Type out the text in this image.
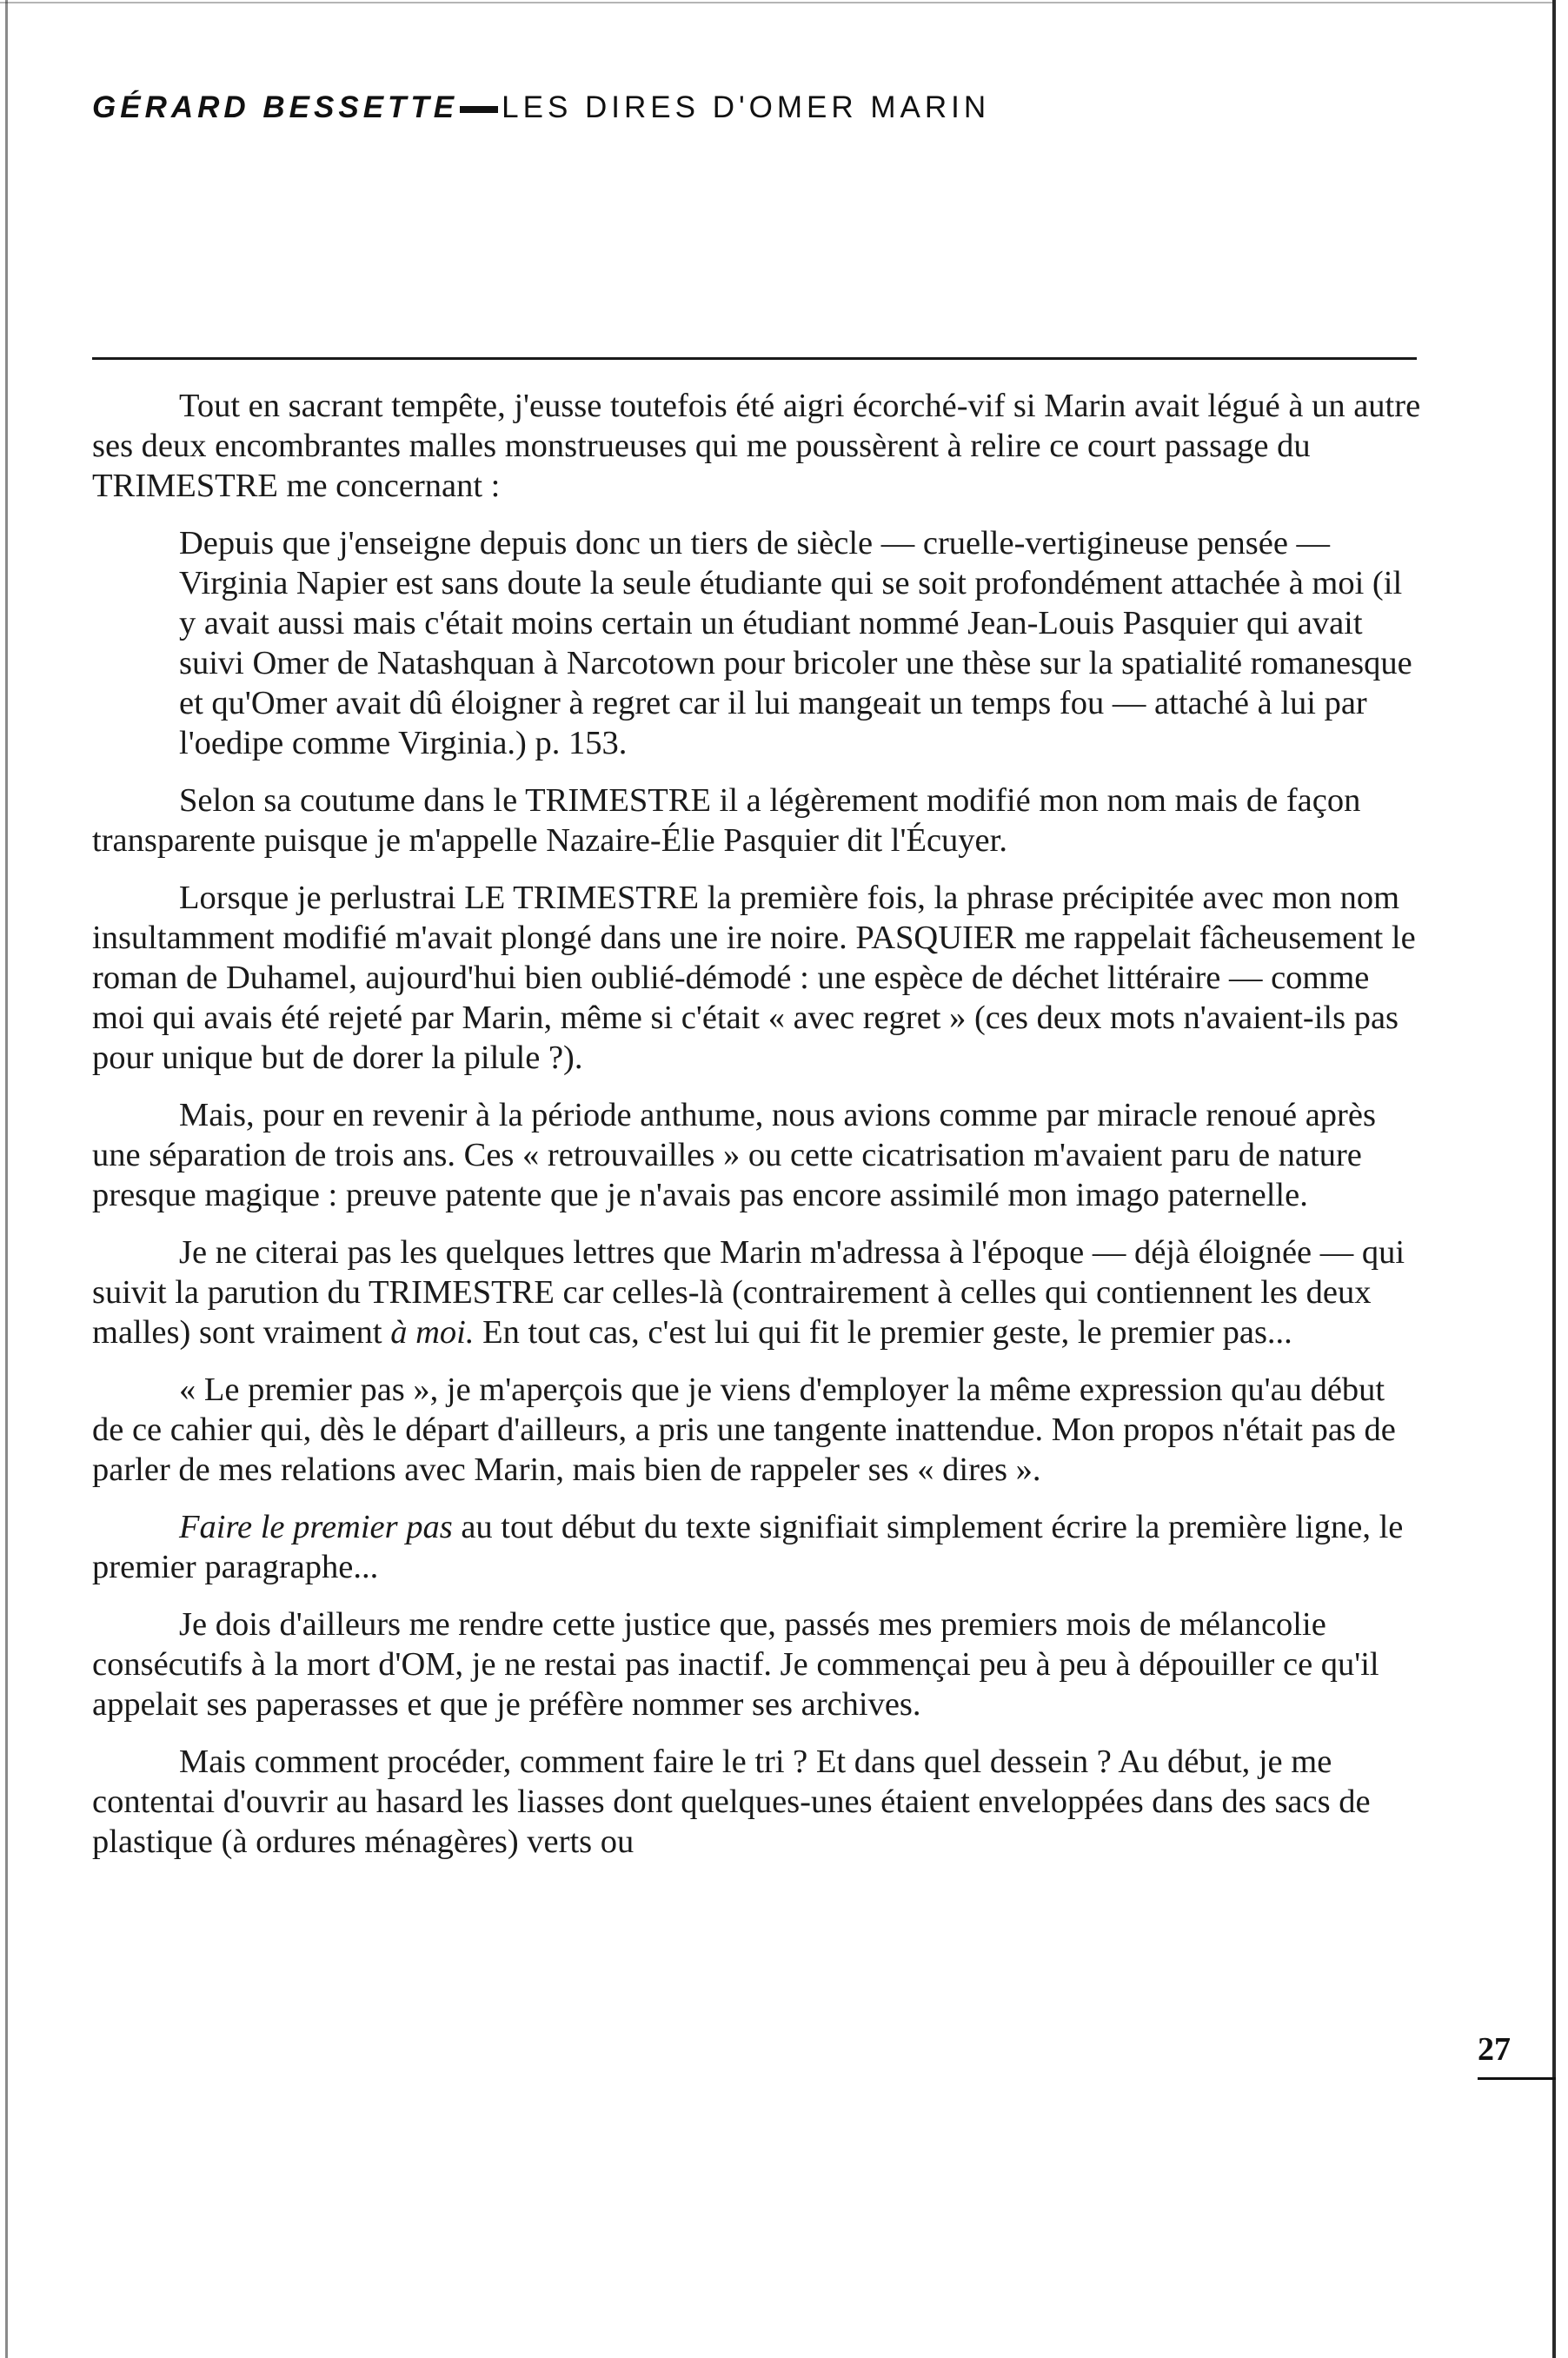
GÉRARD BESSETTE LES DIRES D'OMER MARIN

Tout en sacrant tempête, j'eusse toutefois été aigri écorché-vif si Marin avait légué à un autre ses deux encombrantes malles monstrueuses qui me poussèrent à relire ce court passage du TRIMESTRE me concernant :

Depuis que j'enseigne depuis donc un tiers de siècle — cruelle-vertigineuse pensée — Virginia Napier est sans doute la seule étudiante qui se soit profondément attachée à moi (il y avait aussi mais c'était moins certain un étudiant nommé Jean-Louis Pasquier qui avait suivi Omer de Natashquan à Narcotown pour bricoler une thèse sur la spatialité romanesque et qu'Omer avait dû éloigner à regret car il lui mangeait un temps fou — attaché à lui par l'oedipe comme Virginia.) p. 153.

Selon sa coutume dans le TRIMESTRE il a légèrement modifié mon nom mais de façon transparente puisque je m'appelle Nazaire-Élie Pasquier dit l'Écuyer.

Lorsque je perlustrai LE TRIMESTRE la première fois, la phrase précipitée avec mon nom insultamment modifié m'avait plongé dans une ire noire. PASQUIER me rappelait fâcheusement le roman de Duhamel, aujourd'hui bien oublié-démodé : une espèce de déchet littéraire — comme moi qui avais été rejeté par Marin, même si c'était « avec regret » (ces deux mots n'avaient-ils pas pour unique but de dorer la pilule ?).

Mais, pour en revenir à la période anthume, nous avions comme par miracle renoué après une séparation de trois ans. Ces « retrouvailles » ou cette cicatrisation m'avaient paru de nature presque magique : preuve patente que je n'avais pas encore assimilé mon imago paternelle.

Je ne citerai pas les quelques lettres que Marin m'adressa à l'époque — déjà éloignée — qui suivit la parution du TRIMESTRE car celles-là (contrairement à celles qui contiennent les deux malles) sont vraiment à moi. En tout cas, c'est lui qui fit le premier geste, le premier pas...

« Le premier pas », je m'aperçois que je viens d'employer la même expression qu'au début de ce cahier qui, dès le départ d'ailleurs, a pris une tangente inattendue. Mon propos n'était pas de parler de mes relations avec Marin, mais bien de rappeler ses « dires ».

Faire le premier pas au tout début du texte signifiait simplement écrire la première ligne, le premier paragraphe...

Je dois d'ailleurs me rendre cette justice que, passés mes premiers mois de mélancolie consécutifs à la mort d'OM, je ne restai pas inactif. Je commençai peu à peu à dépouiller ce qu'il appelait ses paperasses et que je préfère nommer ses archives.

Mais comment procéder, comment faire le tri ? Et dans quel dessein ? Au début, je me contentai d'ouvrir au hasard les liasses dont quelques-unes étaient enveloppées dans des sacs de plastique (à ordures ménagères) verts ou

27
